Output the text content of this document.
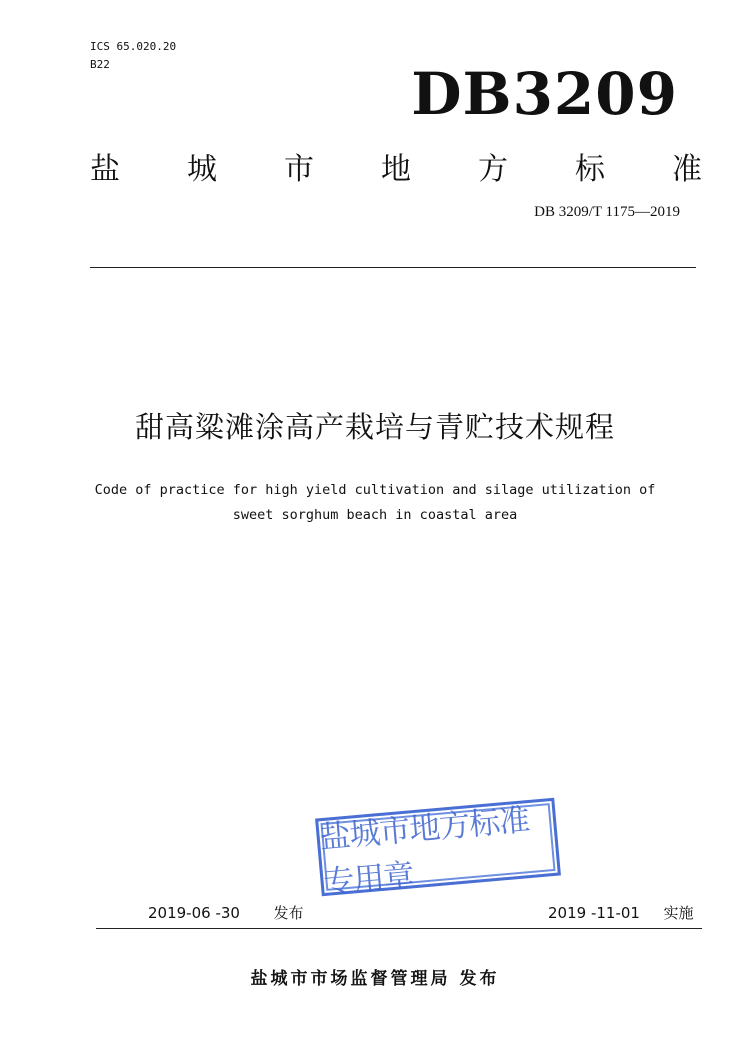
ICS 65.020.20
B22	DB3209
盐 城 市 地 方 标 准
DB 3209/T 1175—2019
甜高粱滩涂高产栽培与青贮技术规程
Code of practice for high yield cultivation and silage utilization of
sweet sorghum beach in coastal area
盐城市地方标准专用章
2019-06 -30 发布	2019 -11-01 实施
盐城市市场监督管理局 发布
